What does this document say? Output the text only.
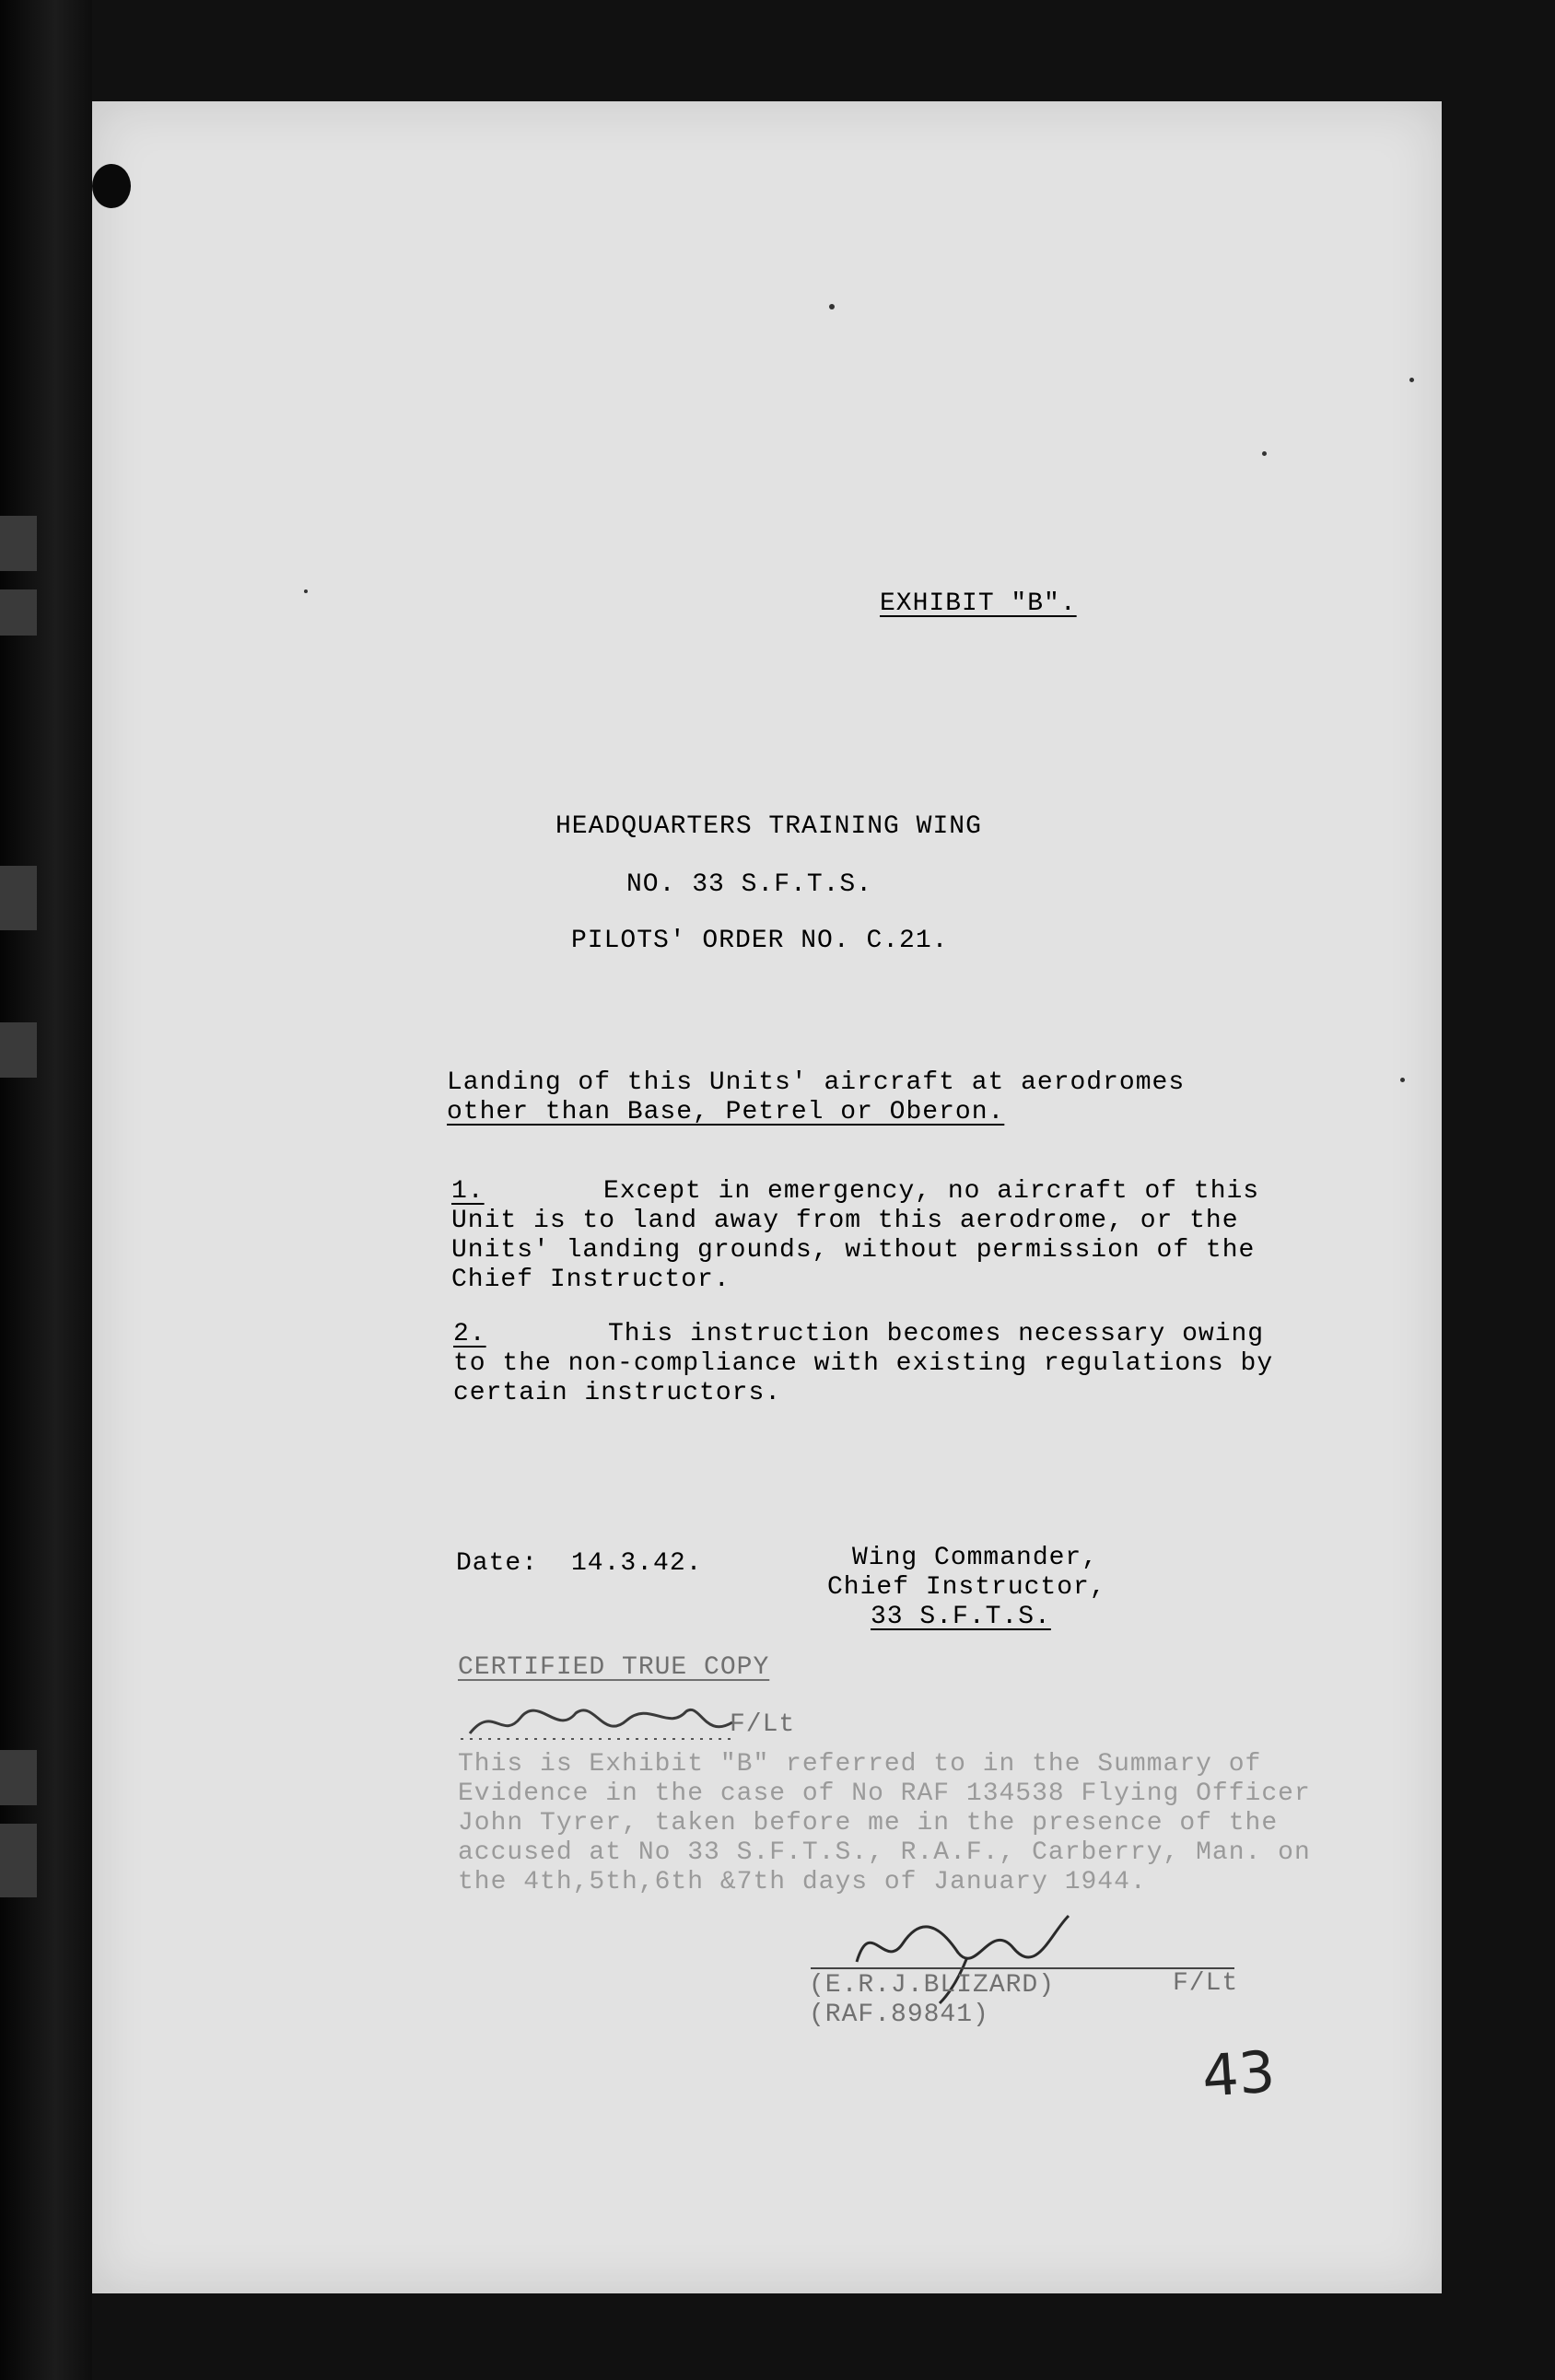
EXHIBIT "B".
HEADQUARTERS TRAINING WING
NO. 33 S.F.T.S.
PILOTS' ORDER NO. C.21.
Landing of this Units' aircraft at aerodromes
other than Base, Petrel or Oberon.
1.	Except in emergency, no aircraft of this
Unit is to land away from this aerodrome, or the
Units' landing grounds, without permission of the
Chief Instructor.
2.	This instruction becomes necessary owing
to the non-compliance with existing regulations by
certain instructors.
Date: 14.3.42.	Wing Commander,
Chief Instructor,
33 S.F.T.S.
CERTIFIED TRUE COPY
F/Lt
This is Exhibit "B" referred to in the Summary of
Evidence in the case of No RAF 134538 Flying Officer
John Tyrer, taken before me in the presence of the
accused at No 33 S.F.T.S., R.A.F., Carberry, Man. on
the 4th,5th,6th &7th days of January 1944.
F/Lt
(E.R.J.BLIZARD)
(RAF.89841)
43
